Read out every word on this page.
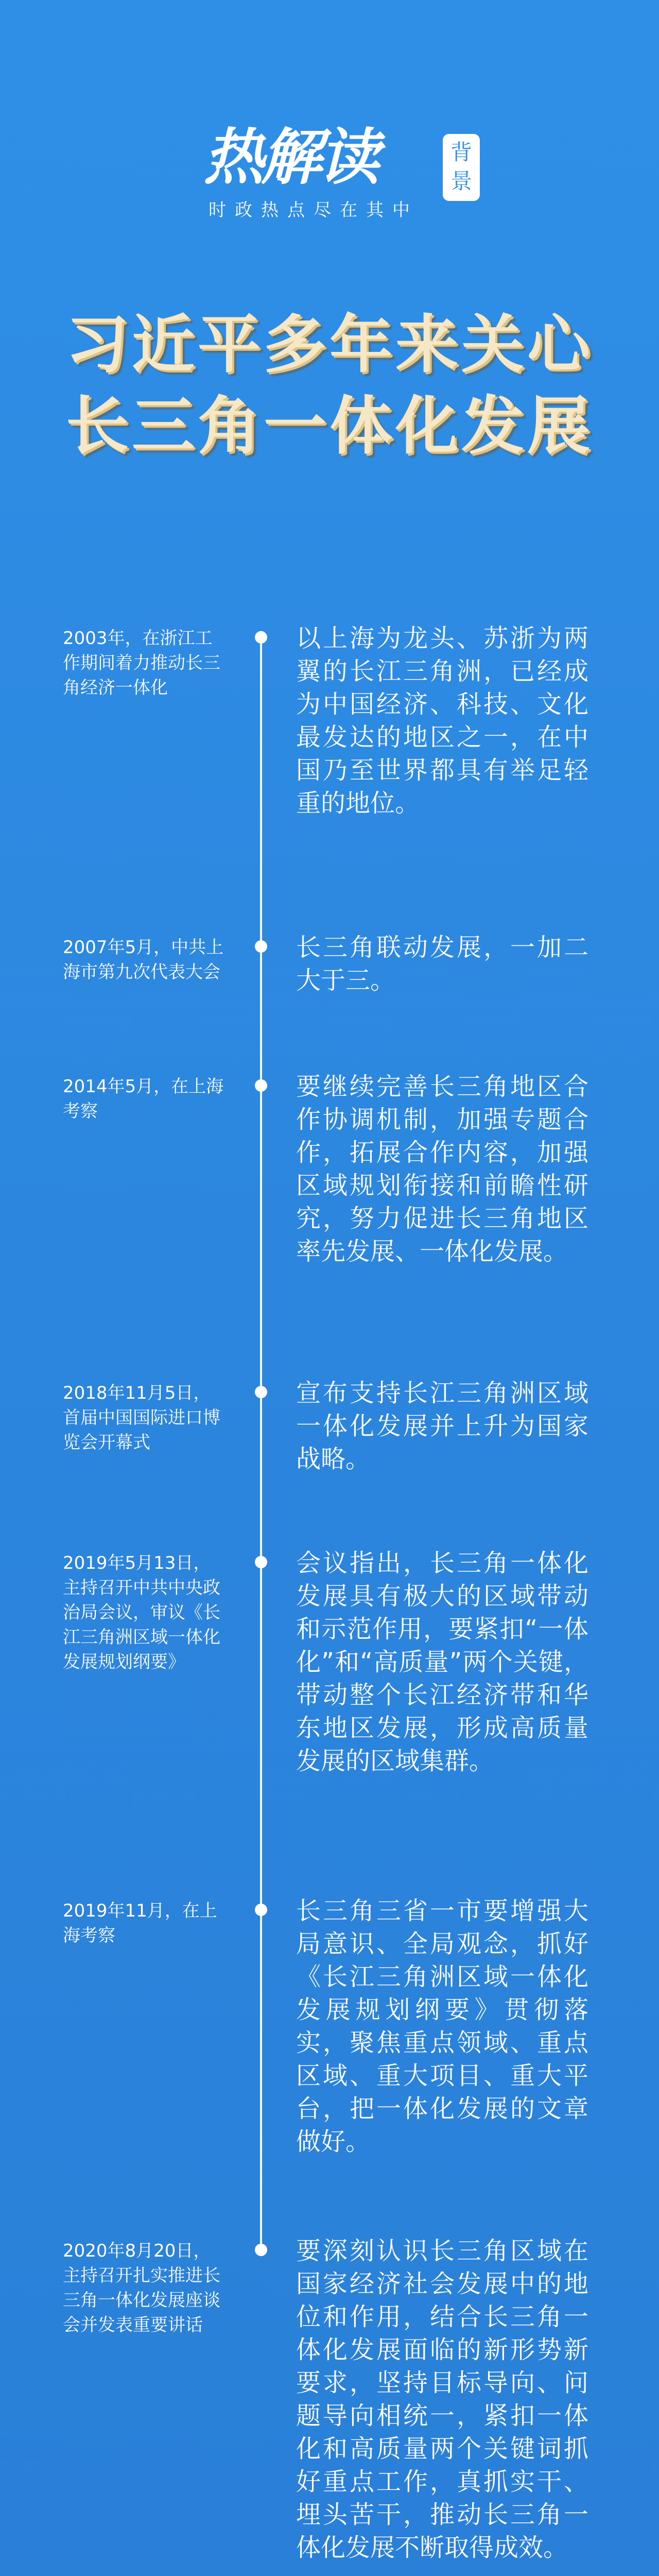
热解读	背景
时政热点尽在其中
习近平多年来关心
长三角一体化发展
2003年，在浙江工作期间着力推动长三角经济一体化
以上海为龙头、苏浙为两翼的长江三角洲，已经成为中国经济、科技、文化最发达的地区之一，在中国乃至世界都具有举足轻重的地位。
2007年5月，中共上海市第九次代表大会
长三角联动发展，一加二大于三。
2014年5月，在上海考察
要继续完善长三角地区合作协调机制，加强专题合作，拓展合作内容，加强区域规划衔接和前瞻性研究，努力促进长三角地区率先发展、一体化发展。
2018年11月5日，首届中国国际进口博览会开幕式
宣布支持长江三角洲区域一体化发展并上升为国家战略。
2019年5月13日，主持召开中共中央政治局会议，审议《长江三角洲区域一体化发展规划纲要》
会议指出，长三角一体化发展具有极大的区域带动和示范作用，要紧扣“一体化”和“高质量”两个关键，带动整个长江经济带和华东地区发展，形成高质量发展的区域集群。
2019年11月，在上海考察
长三角三省一市要增强大局意识、全局观念，抓好《长江三角洲区域一体化发展规划纲要》贯彻落实，聚焦重点领域、重点区域、重大项目、重大平台，把一体化发展的文章做好。
2020年8月20日，主持召开扎实推进长三角一体化发展座谈会并发表重要讲话
要深刻认识长三角区域在国家经济社会发展中的地位和作用，结合长三角一体化发展面临的新形势新要求，坚持目标导向、问题导向相统一，紧扣一体化和高质量两个关键词抓好重点工作，真抓实干、埋头苦干，推动长三角一体化发展不断取得成效。
